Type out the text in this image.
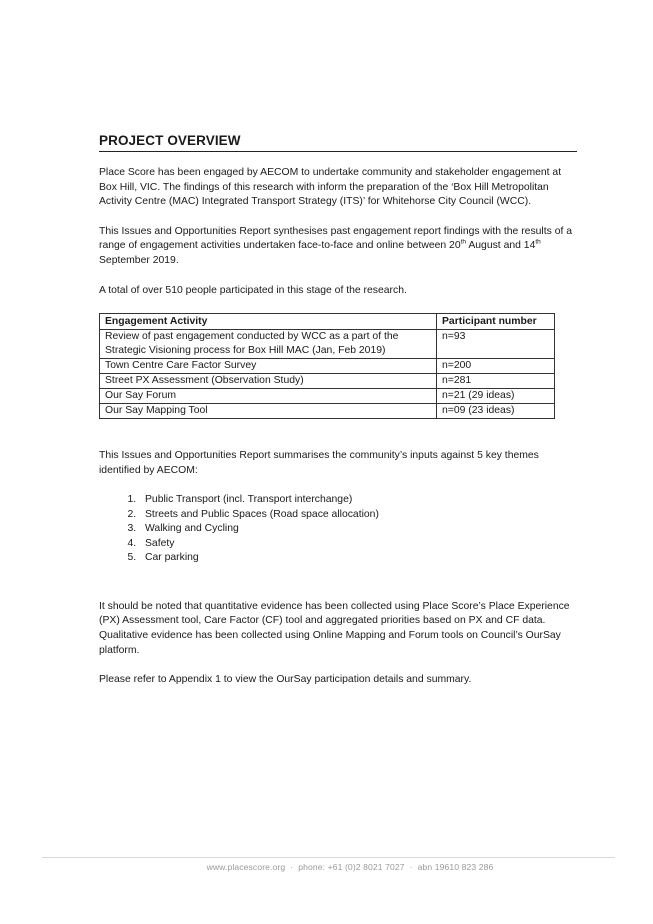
PROJECT OVERVIEW

Place Score has been engaged by AECOM to undertake community and stakeholder engagement at Box Hill, VIC. The findings of this research with inform the preparation of the ‘Box Hill Metropolitan Activity Centre (MAC) Integrated Transport Strategy (ITS)’ for Whitehorse City Council (WCC).

This Issues and Opportunities Report synthesises past engagement report findings with the results of a range of engagement activities undertaken face-to-face and online between 20th August and 14th September 2019.

A total of over 510 people participated in this stage of the research.

Engagement Activity	Participant number
Review of past engagement conducted by WCC as a part of the Strategic Visioning process for Box Hill MAC (Jan, Feb 2019)	n=93
Town Centre Care Factor Survey	n=200
Street PX Assessment (Observation Study)	n=281
Our Say Forum	n=21 (29 ideas)
Our Say Mapping Tool	n=09 (23 ideas)

This Issues and Opportunities Report summarises the community’s inputs against 5 key themes identified by AECOM:

1. Public Transport (incl. Transport interchange)
2. Streets and Public Spaces (Road space allocation)
3. Walking and Cycling
4. Safety
5. Car parking

It should be noted that quantitative evidence has been collected using Place Score’s Place Experience (PX) Assessment tool, Care Factor (CF) tool and aggregated priorities based on PX and CF data. Qualitative evidence has been collected using Online Mapping and Forum tools on Council’s OurSay platform.

Please refer to Appendix 1 to view the OurSay participation details and summary.

www.placescore.org · phone: +61 (0)2 8021 7027 · abn 19610 823 286
